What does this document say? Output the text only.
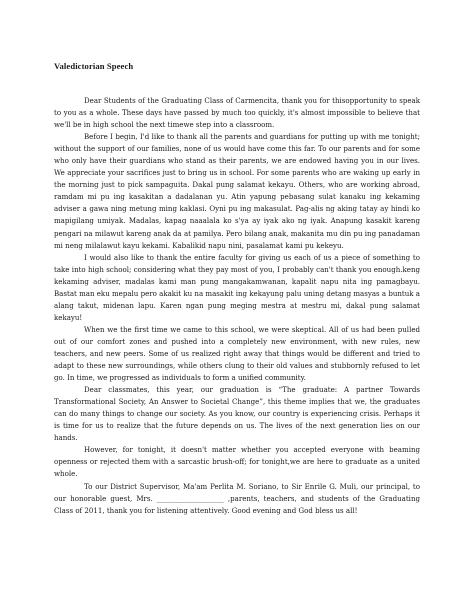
Valedictorian Speech

Dear Students of the Graduating Class of Carmencita, thank you for thisopportunity to speak to you as a whole. These days have passed by much too quickly, it's almost impossible to believe that we'll be in high school the next timewe step into a classroom.

Before I begin, I'd like to thank all the parents and guardians for putting up with me tonight; without the support of our families, none of us would have come this far. To our parents and for some who only have their guardians who stand as their parents, we are endowed having you in our lives. We appreciate your sacrifices just to bring us in school. For some parents who are waking up early in the morning just to pick sampaguita. Dakal pung salamat kekayu. Others, who are working abroad, ramdam mi pu ing kasakitan a dadalanan yu. Atin yapung pebasang sulat kanaku ing kekaming adviser a gawa ning metung ming kaklasi. Oyni pu ing makasulat. Pag-alis ng aking tatay ay hindi ko mapigilang umiyak. Madalas, kapag naaalala ko s'ya ay iyak ako ng iyak. Anapung kasakit kareng pengari na milawut kareng anak da at pamilya. Pero bilang anak, makanita mu din pu ing panadaman mi neng milalawut kayu kekami. Kabalikid napu nini, pasalamat kami pu kekeyu.

I would also like to thank the entire faculty for giving us each of us a piece of something to take into high school; considering what they pay most of you, I probably can't thank you enough.keng kekaming adviser, madalas kami man pung mangakamwanan, kapalit napu nita ing pamagbayu. Bastat man eku mepalu pero akakit ku na masakit ing kekayung palu uning detang masyas a buntuk a alang takut, midenan lapu. Karen ngan pung meging mestra at mestru mi, dakal pung salamat kekayu!

When we the first time we came to this school, we were skeptical. All of us had been pulled out of our comfort zones and pushed into a completely new environment, with new rules, new teachers, and new peers. Some of us realized right away that things would be different and tried to adapt to these new surroundings, while others clung to their old values and stubbornly refused to let go. In time, we progressed as individuals to form a unified community.

Dear classmates, this year, our graduation is “The graduate: A partner Towards Transformational Society, An Answer to Societal Change”, this theme implies that we, the graduates can do many things to change our society. As you know, our country is experiencing crisis. Perhaps it is time for us to realize that the future depends on us. The lives of the next generation lies on our hands.

However, for tonight, it doesn't matter whether you accepted everyone with beaming openness or rejected them with a sarcastic brush-off; for tonight,we are here to graduate as a united whole.

To our District Supervisor, Ma'am Perlita M. Soriano, to Sir Enrile G. Muli, our principal, to our honorable guest, Mrs. ___________________ ,parents, teachers, and students of the Graduating Class of 2011, thank you for listening attentively. Good evening and God bless us all!
